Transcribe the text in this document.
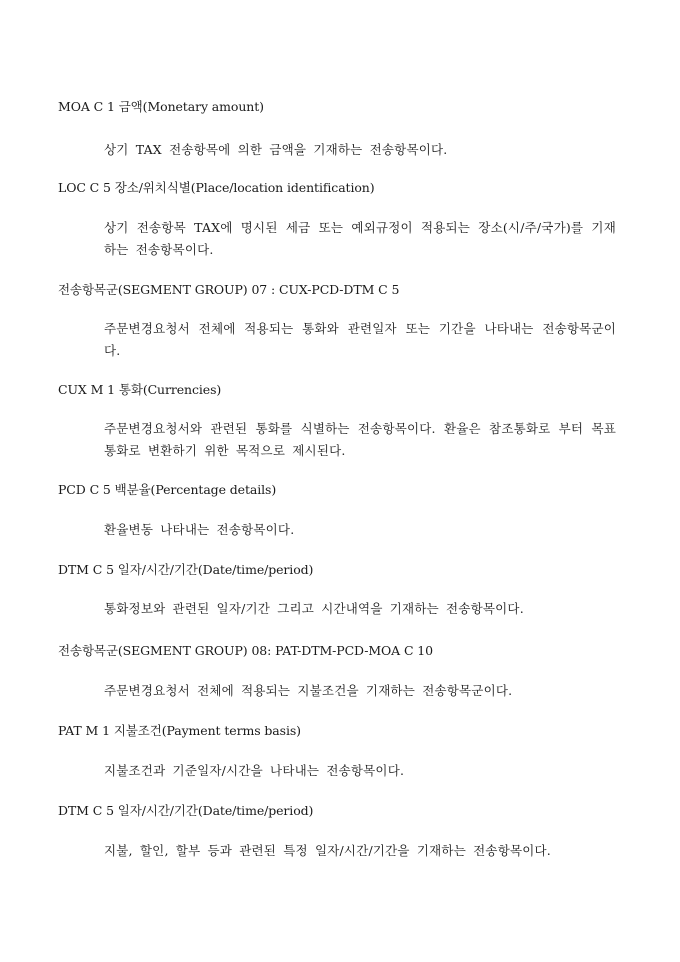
MOA C 1 금액(Monetary amount)
상기 TAX 전송항목에 의한 금액을 기재하는 전송항목이다.
LOC C 5 장소/위치식별(Place/location identification)
상기 전송항목 TAX에 명시된 세금 또는 예외규정이 적용되는 장소(시/주/국가)를 기재하는 전송항목이다.
전송항목군(SEGMENT GROUP) 07 : CUX-PCD-DTM C 5
주문변경요청서 전체에 적용되는 통화와 관련일자 또는 기간을 나타내는 전송항목군이다.
CUX M 1 통화(Currencies)
주문변경요청서와 관련된 통화를 식별하는 전송항목이다. 환율은 참조통화로 부터 목표통화로 변환하기 위한 목적으로 제시된다.
PCD C 5 백분율(Percentage details)
환율변동 나타내는 전송항목이다.
DTM C 5 일자/시간/기간(Date/time/period)
통화정보와 관련된 일자/기간 그리고 시간내역을 기재하는 전송항목이다.
전송항목군(SEGMENT GROUP) 08: PAT-DTM-PCD-MOA C 10
주문변경요청서 전체에 적용되는 지불조건을 기재하는 전송항목군이다.
PAT M 1 지불조건(Payment terms basis)
지불조건과 기준일자/시간을 나타내는 전송항목이다.
DTM C 5 일자/시간/기간(Date/time/period)
지불, 할인, 할부 등과 관련된 특정 일자/시간/기간을 기재하는 전송항목이다.
